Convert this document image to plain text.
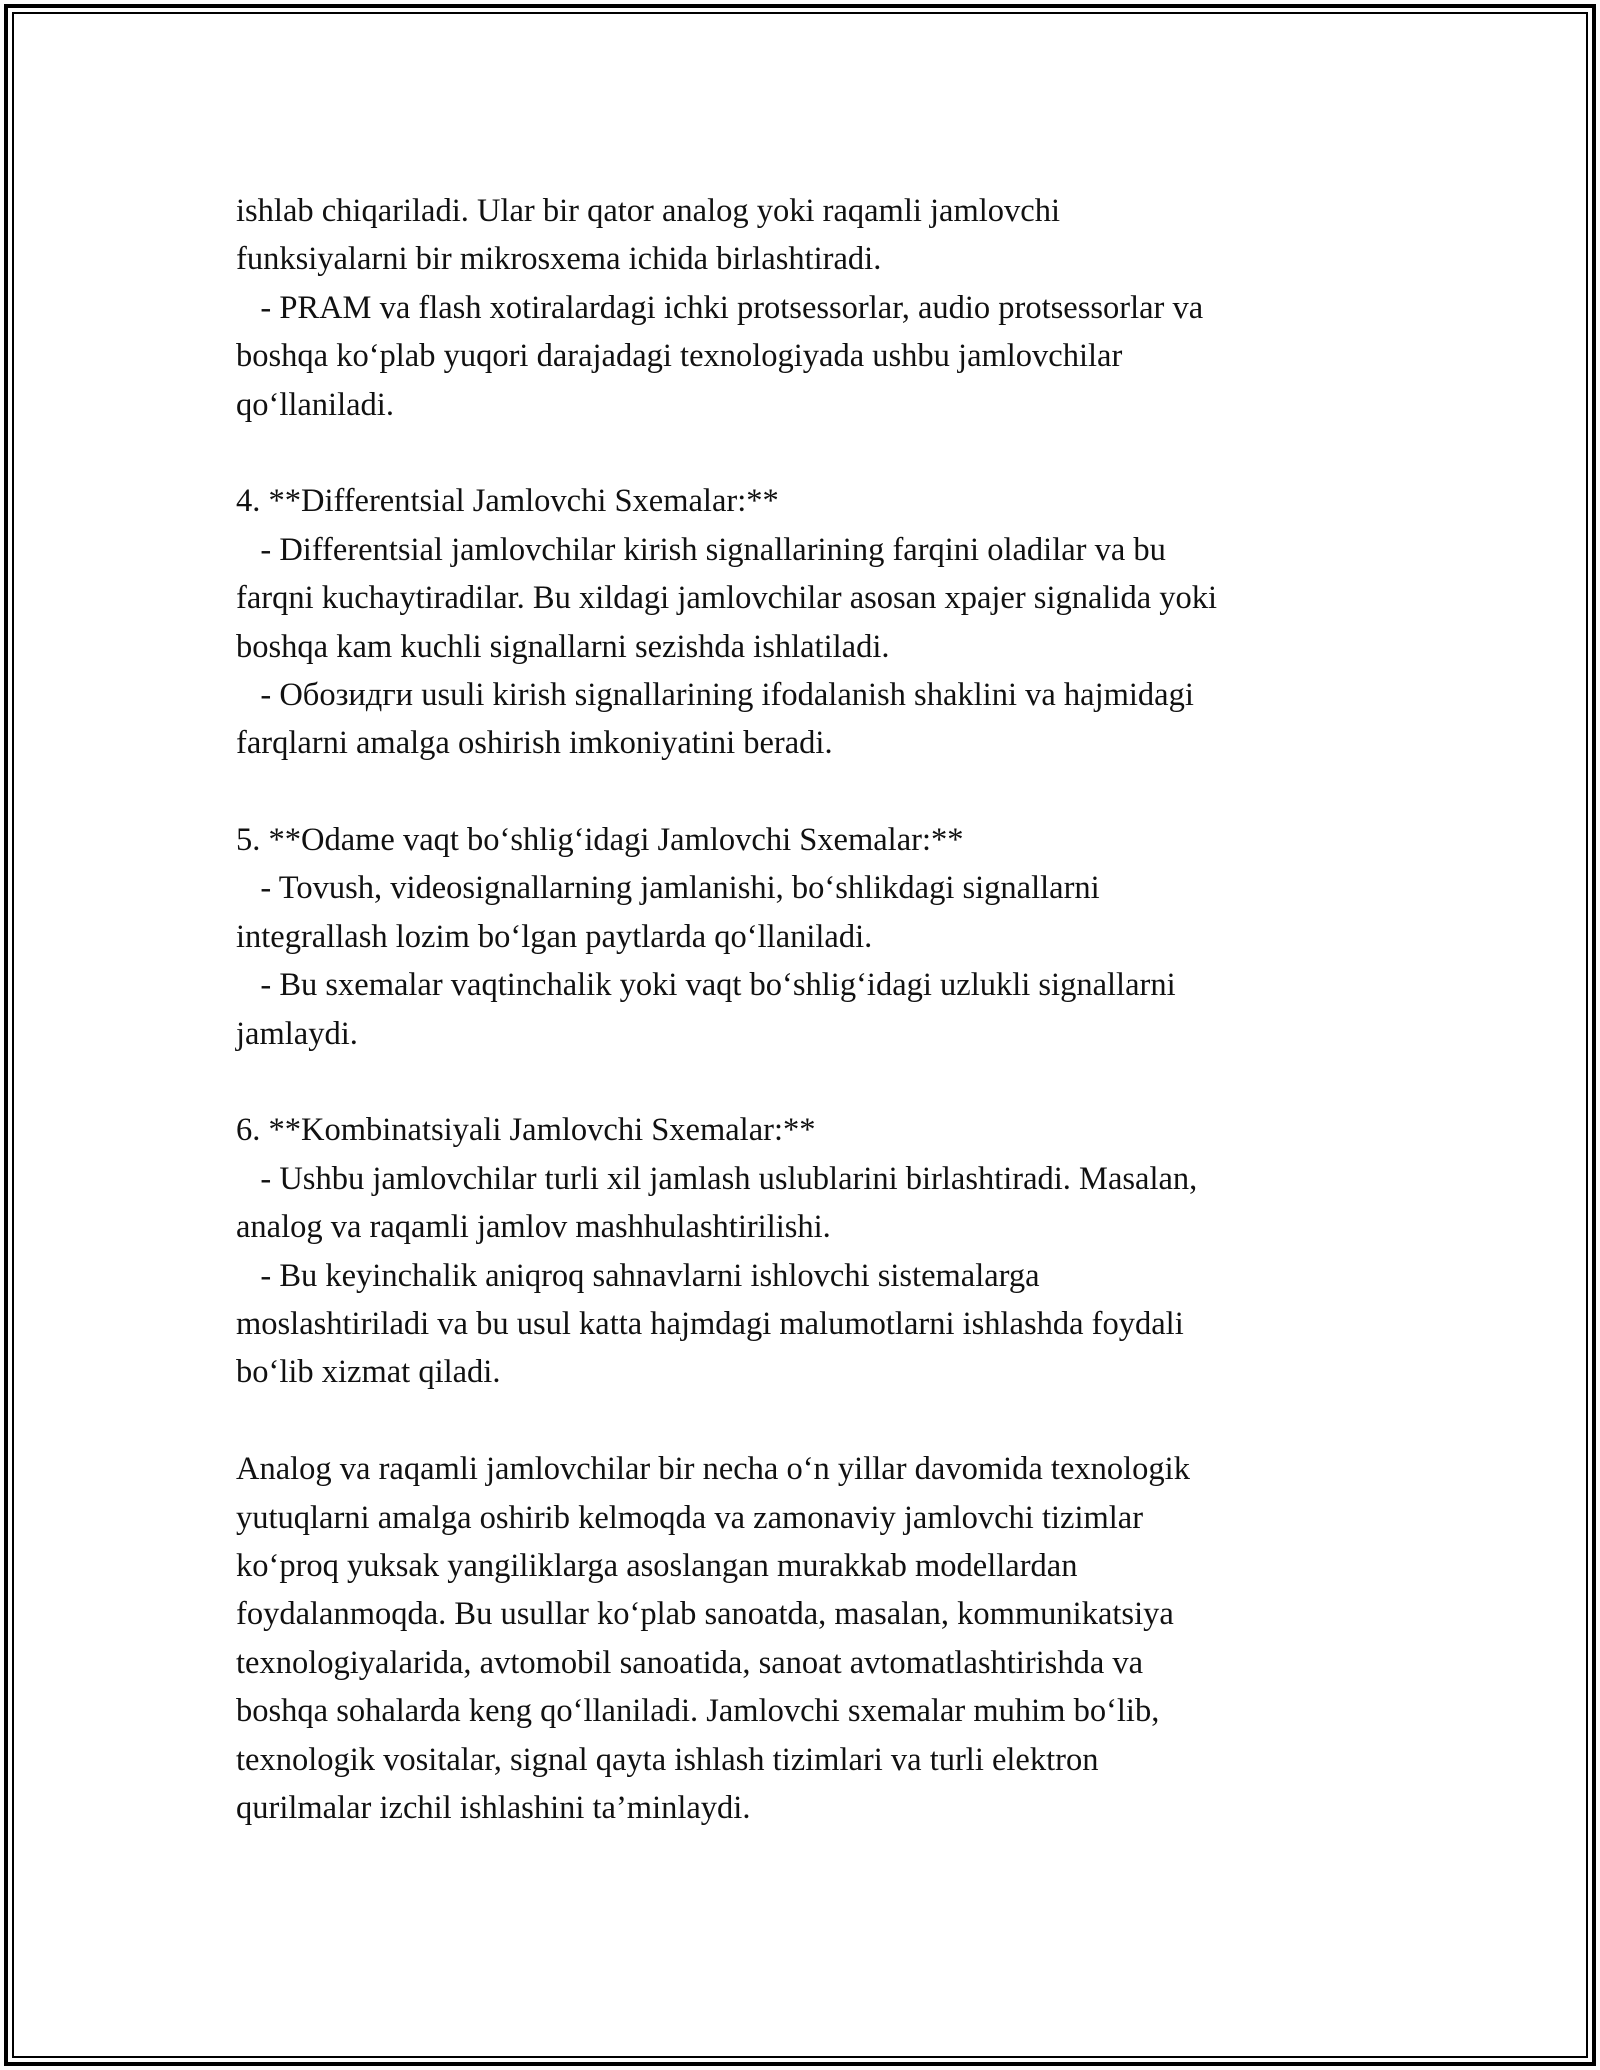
ishlab chiqariladi. Ular bir qator analog yoki raqamli jamlovchi
funksiyalarni bir mikrosxema ichida birlashtiradi.
- PRAM va flash xotiralardagi ichki protsessorlar, audio protsessorlar va
boshqa ko‘plab yuqori darajadagi texnologiyada ushbu jamlovchilar
qo‘llaniladi.
4. **Differentsial Jamlovchi Sxemalar:**
- Differentsial jamlovchilar kirish signallarining farqini oladilar va bu
farqni kuchaytiradilar. Bu xildagi jamlovchilar asosan xpajer signalida yoki
boshqa kam kuchli signallarni sezishda ishlatiladi.
- Обозидги usuli kirish signallarining ifodalanish shaklini va hajmidagi
farqlarni amalga oshirish imkoniyatini beradi.
5. **Odame vaqt bo‘shlig‘idagi Jamlovchi Sxemalar:**
- Tovush, videosignallarning jamlanishi, bo‘shlikdagi signallarni
integrallash lozim bo‘lgan paytlarda qo‘llaniladi.
- Bu sxemalar vaqtinchalik yoki vaqt bo‘shlig‘idagi uzlukli signallarni
jamlaydi.
6. **Kombinatsiyali Jamlovchi Sxemalar:**
- Ushbu jamlovchilar turli xil jamlash uslublarini birlashtiradi. Masalan,
analog va raqamli jamlov mashhulashtirilishi.
- Bu keyinchalik aniqroq sahnavlarni ishlovchi sistemalarga
moslashtiriladi va bu usul katta hajmdagi malumotlarni ishlashda foydali
bo‘lib xizmat qiladi.
Analog va raqamli jamlovchilar bir necha o‘n yillar davomida texnologik
yutuqlarni amalga oshirib kelmoqda va zamonaviy jamlovchi tizimlar
ko‘proq yuksak yangiliklarga asoslangan murakkab modellardan
foydalanmoqda. Bu usullar ko‘plab sanoatda, masalan, kommunikatsiya
texnologiyalarida, avtomobil sanoatida, sanoat avtomatlashtirishda va
boshqa sohalarda keng qo‘llaniladi. Jamlovchi sxemalar muhim bo‘lib,
texnologik vositalar, signal qayta ishlash tizimlari va turli elektron
qurilmalar izchil ishlashini ta’minlaydi.
